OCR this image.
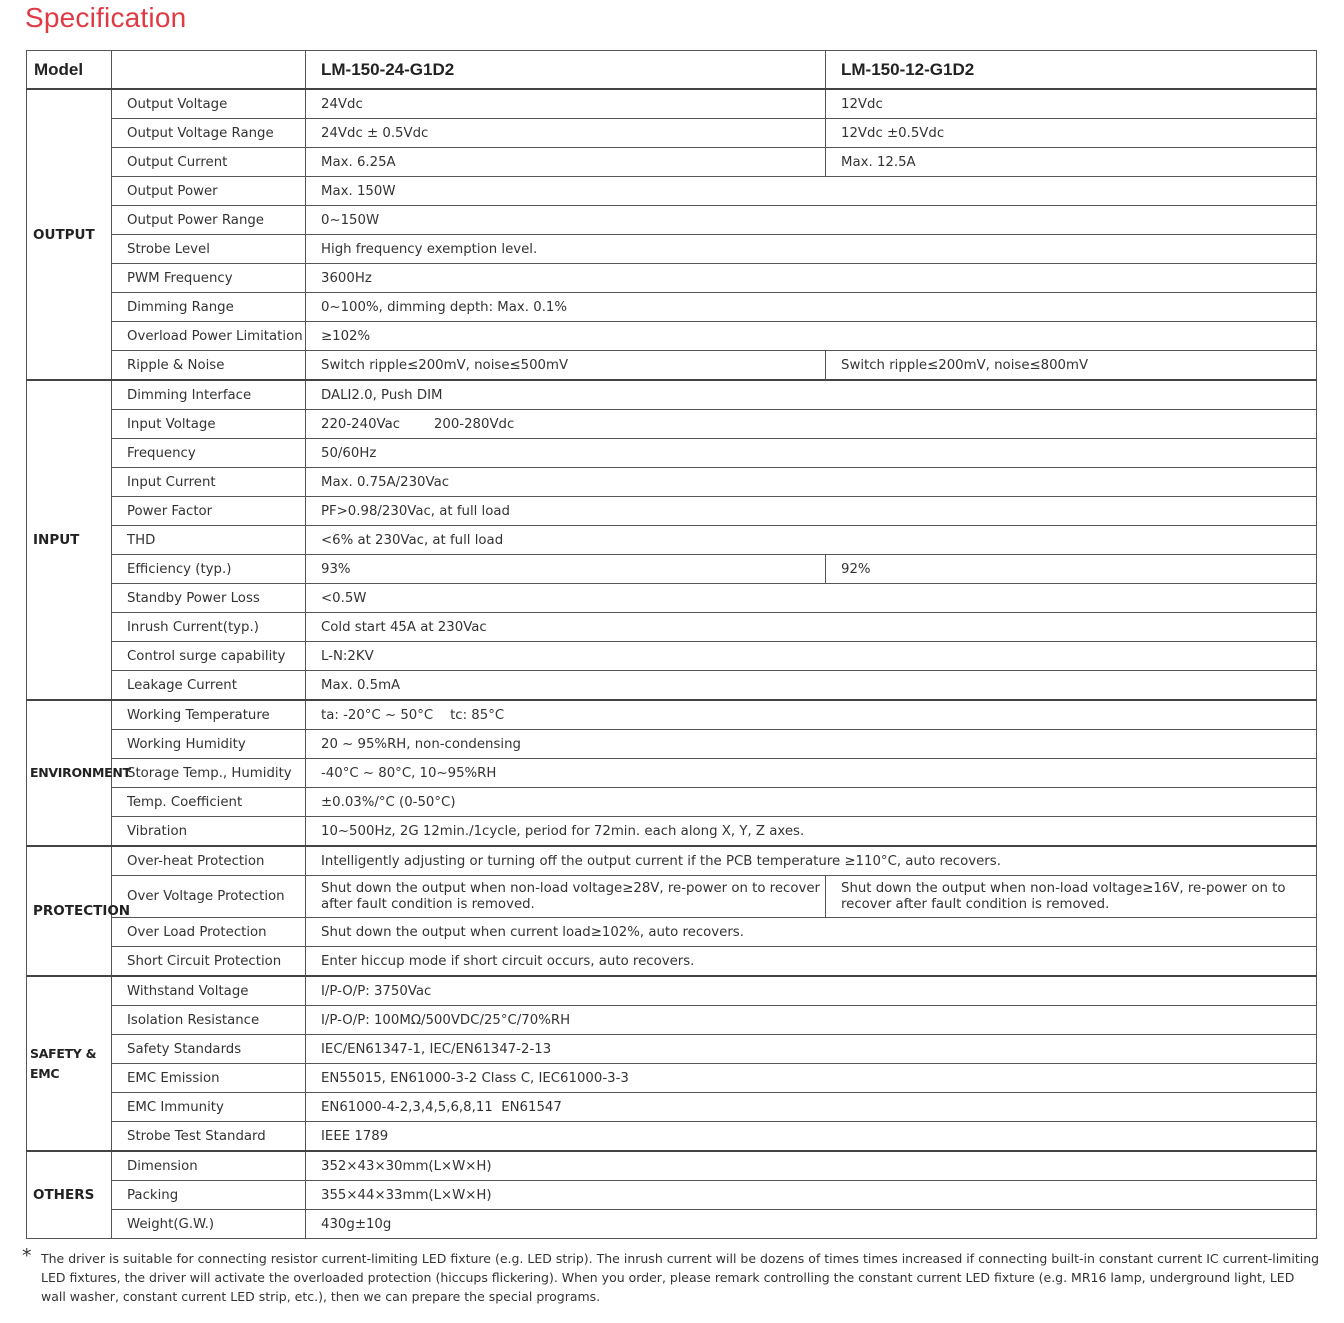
Specification
Model		LM-150-24-G1D2	LM-150-12-G1D2
OUTPUT	Output Voltage	24Vdc	12Vdc
	Output Voltage Range	24Vdc ± 0.5Vdc	12Vdc ±0.5Vdc
	Output Current	Max. 6.25A	Max. 12.5A
	Output Power	Max. 150W	
	Output Power Range	0~150W	
	Strobe Level	High frequency exemption level.	
	PWM Frequency	3600Hz	
	Dimming Range	0~100%, dimming depth: Max. 0.1%	
	Overload Power Limitation	≥102%	
	Ripple & Noise	Switch ripple≤200mV, noise≤500mV	Switch ripple≤200mV, noise≤800mV
INPUT	Dimming Interface	DALI2.0, Push DIM	
	Input Voltage	220-240Vac        200-280Vdc	
	Frequency	50/60Hz	
	Input Current	Max. 0.75A/230Vac	
	Power Factor	PF>0.98/230Vac, at full load	
	THD	<6% at 230Vac, at full load	
	Efficiency (typ.)	93%	92%
	Standby Power Loss	<0.5W	
	Inrush Current(typ.)	Cold start 45A at 230Vac	
	Control surge capability	L-N:2KV	
	Leakage Current	Max. 0.5mA	
ENVIRONMENT	Working Temperature	ta: -20°C ~ 50°C    tc: 85°C	
	Working Humidity	20 ~ 95%RH, non-condensing	
	Storage Temp., Humidity	-40°C ~ 80°C, 10~95%RH	
	Temp. Coefficient	±0.03%/°C (0-50°C)	
	Vibration	10~500Hz, 2G 12min./1cycle, period for 72min. each along X, Y, Z axes.	
PROTECTION	Over-heat Protection	Intelligently adjusting or turning off the output current if the PCB temperature ≥110°C, auto recovers.	
	Over Voltage Protection	Shut down the output when non-load voltage≥28V, re-power on to recover after fault condition is removed.	Shut down the output when non-load voltage≥16V, re-power on to recover after fault condition is removed.
	Over Load Protection	Shut down the output when current load≥102%, auto recovers.	
	Short Circuit Protection	Enter hiccup mode if short circuit occurs, auto recovers.	
SAFETY & EMC	Withstand Voltage	I/P-O/P: 3750Vac	
	Isolation Resistance	I/P-O/P: 100MΩ/500VDC/25°C/70%RH	
	Safety Standards	IEC/EN61347-1, IEC/EN61347-2-13	
	EMC Emission	EN55015, EN61000-3-2 Class C, IEC61000-3-3	
	EMC Immunity	EN61000-4-2,3,4,5,6,8,11  EN61547	
	Strobe Test Standard	IEEE 1789	
OTHERS	Dimension	352×43×30mm(L×W×H)	
	Packing	355×44×33mm(L×W×H)	
	Weight(G.W.)	430g±10g	
* The driver is suitable for connecting resistor current-limiting LED fixture (e.g. LED strip). The inrush current will be dozens of times times increased if connecting built-in constant current IC current-limiting LED fixtures, the driver will activate the overloaded protection (hiccups flickering). When you order, please remark controlling the constant current LED fixture (e.g. MR16 lamp, underground light, LED wall washer, constant current LED strip, etc.), then we can prepare the special programs.
